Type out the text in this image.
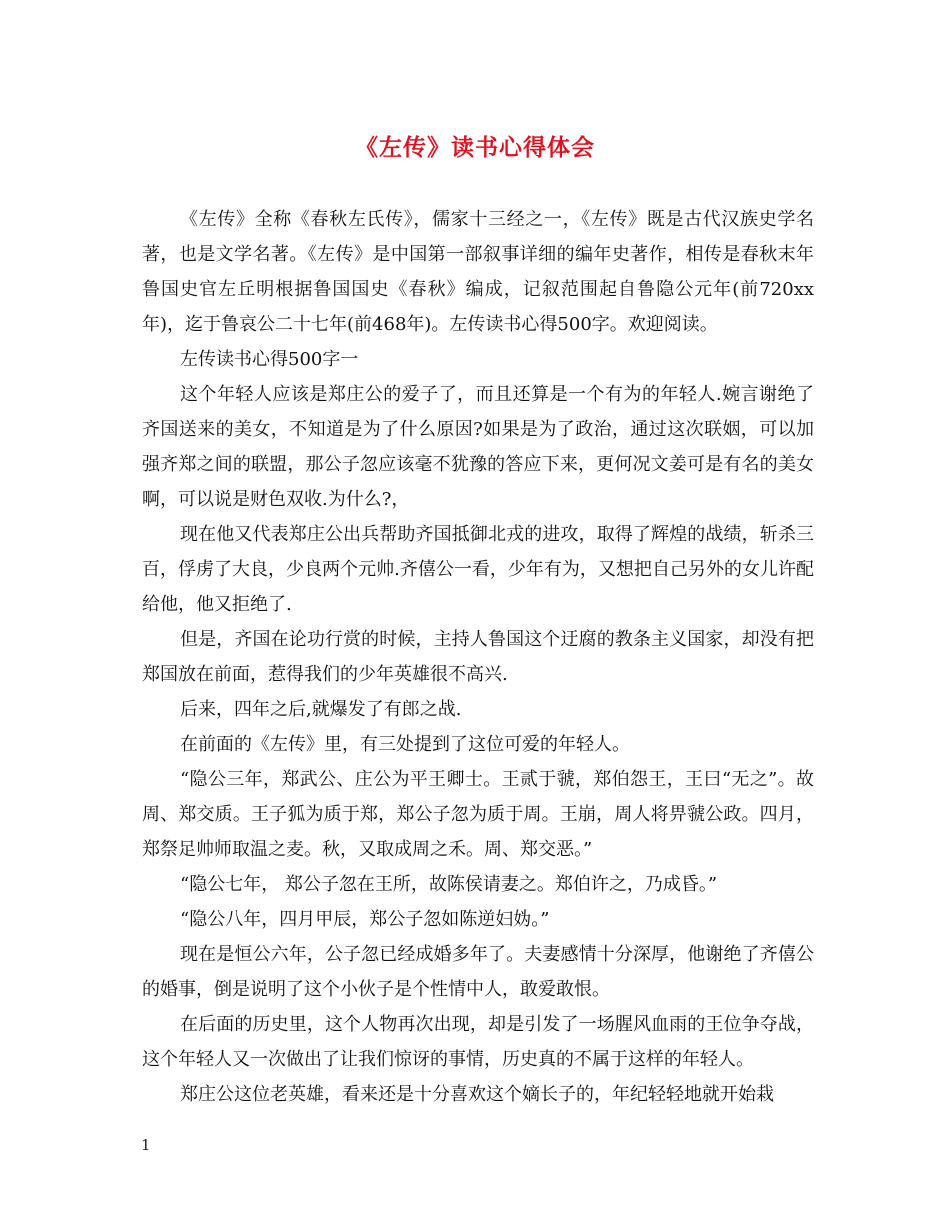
《左传》读书心得体会

《左传》全称《春秋左氏传》，儒家十三经之一，《左传》既是古代汉族史学名著，也是文学名著。《左传》是中国第一部叙事详细的编年史著作，相传是春秋末年鲁国史官左丘明根据鲁国国史《春秋》编成，记叙范围起自鲁隐公元年(前720xx年)，迄于鲁哀公二十七年(前468年)。左传读书心得500字。欢迎阅读。

左传读书心得500字一

这个年轻人应该是郑庄公的爱子了，而且还算是一个有为的年轻人.婉言谢绝了齐国送来的美女，不知道是为了什么原因?如果是为了政治，通过这次联姻，可以加强齐郑之间的联盟，那公子忽应该毫不犹豫的答应下来，更何况文姜可是有名的美女啊，可以说是财色双收.为什么?，

现在他又代表郑庄公出兵帮助齐国抵御北戎的进攻，取得了辉煌的战绩，斩杀三百，俘虏了大良，少良两个元帅.齐僖公一看，少年有为，又想把自己另外的女儿许配给他，他又拒绝了.

但是，齐国在论功行赏的时候，主持人鲁国这个迂腐的教条主义国家，却没有把郑国放在前面，惹得我们的少年英雄很不高兴.

后来，四年之后,就爆发了有郎之战.

在前面的《左传》里，有三处提到了这位可爱的年轻人。

“隐公三年，郑武公、庄公为平王卿士。王贰于虢，郑伯怨王，王曰“无之”。故周、郑交质。王子狐为质于郑，郑公子忽为质于周。王崩，周人将畀虢公政。四月，郑祭足帅师取温之麦。秋，又取成周之禾。周、郑交恶。”

“隐公七年， 郑公子忽在王所，故陈侯请妻之。郑伯许之，乃成昏。”

“隐公八年，四月甲辰，郑公子忽如陈逆妇妫。”

现在是恒公六年，公子忽已经成婚多年了。夫妻感情十分深厚，他谢绝了齐僖公的婚事，倒是说明了这个小伙子是个性情中人，敢爱敢恨。

在后面的历史里，这个人物再次出现，却是引发了一场腥风血雨的王位争夺战，这个年轻人又一次做出了让我们惊讶的事情，历史真的不属于这样的年轻人。

郑庄公这位老英雄，看来还是十分喜欢这个嫡长子的，年纪轻轻地就开始栽

1
